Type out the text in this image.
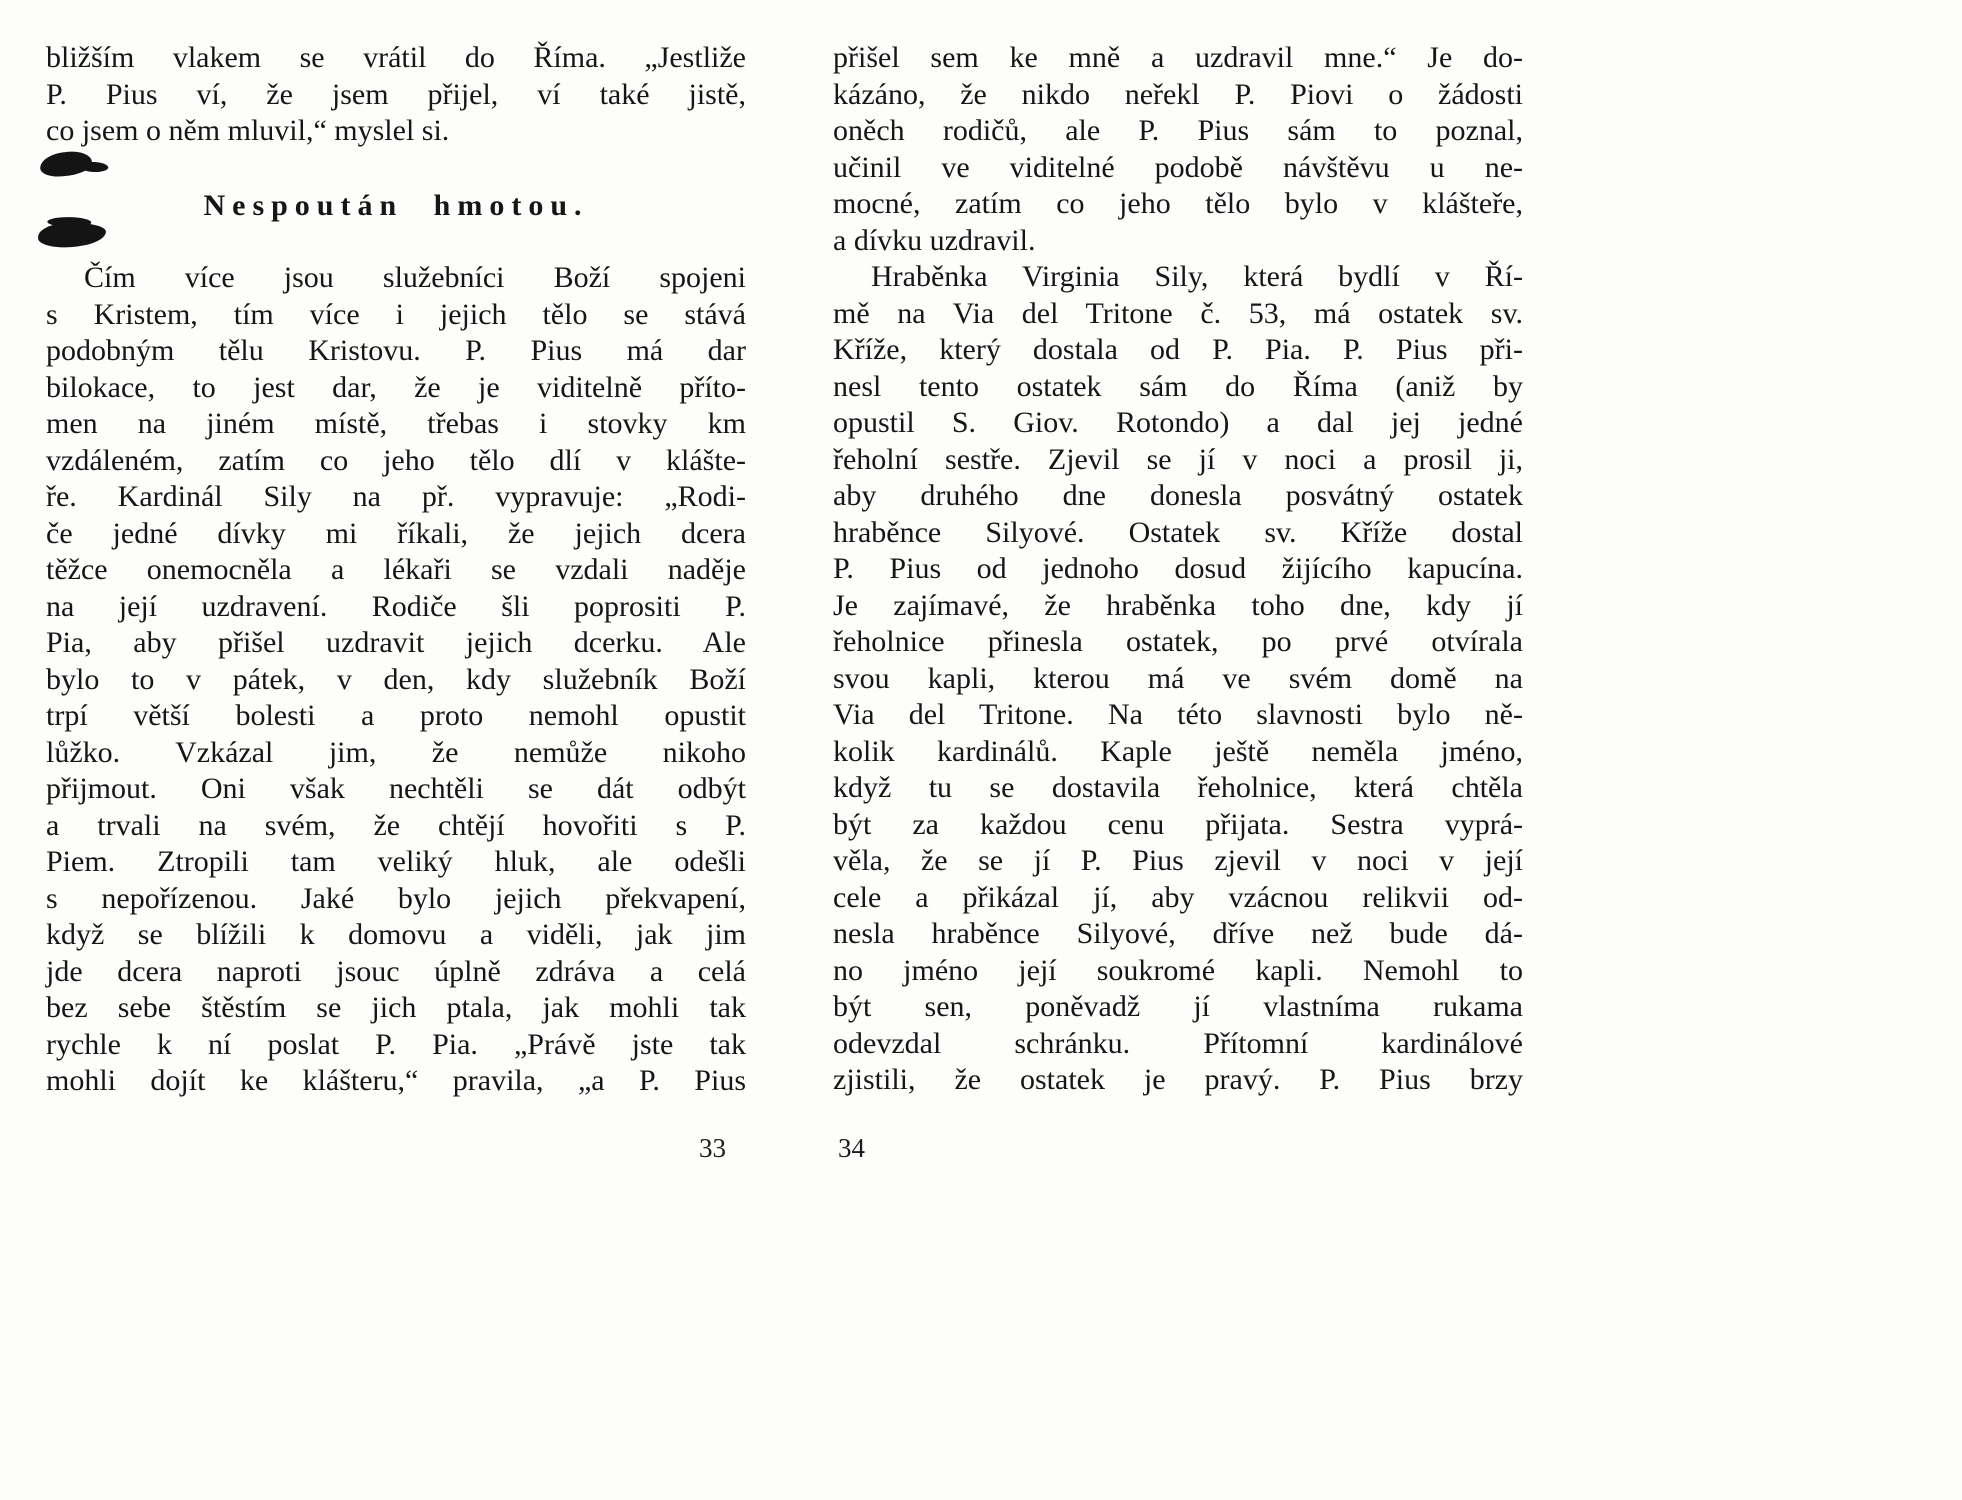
bližším vlakem se vrátil do Říma. „Jestliže
P. Pius ví, že jsem přijel, ví také jistě,
co jsem o něm mluvil,“ myslel si.
Nespoután hmotou.
Čím více jsou služebníci Boží spojeni
s Kristem, tím více i jejich tělo se stává
podobným tělu Kristovu. P. Pius má dar
bilokace, to jest dar, že je viditelně příto-
men na jiném místě, třebas i stovky km
vzdáleném, zatím co jeho tělo dlí v klášte-
ře. Kardinál Sily na př. vypravuje: „Rodi-
če jedné dívky mi říkali, že jejich dcera
těžce onemocněla a lékaři se vzdali naděje
na její uzdravení. Rodiče šli poprositi P.
Pia, aby přišel uzdravit jejich dcerku. Ale
bylo to v pátek, v den, kdy služebník Boží
trpí větší bolesti a proto nemohl opustit
lůžko. Vzkázal jim, že nemůže nikoho
přijmout. Oni však nechtěli se dát odbýt
a trvali na svém, že chtějí hovořiti s P.
Piem. Ztropili tam veliký hluk, ale odešli
s nepořízenou. Jaké bylo jejich překvapení,
když se blížili k domovu a viděli, jak jim
jde dcera naproti jsouc úplně zdráva a celá
bez sebe štěstím se jich ptala, jak mohli tak
rychle k ní poslat P. Pia. „Právě jste tak
mohli dojít ke klášteru,“ pravila, „a P. Pius
přišel sem ke mně a uzdravil mne.“ Je do-
kázáno, že nikdo neřekl P. Piovi o žádosti
oněch rodičů, ale P. Pius sám to poznal,
učinil ve viditelné podobě návštěvu u ne-
mocné, zatím co jeho tělo bylo v klášteře,
a dívku uzdravil.
Hraběnka Virginia Sily, která bydlí v Ří-
mě na Via del Tritone č. 53, má ostatek sv.
Kříže, který dostala od P. Pia. P. Pius při-
nesl tento ostatek sám do Říma (aniž by
opustil S. Giov. Rotondo) a dal jej jedné
řeholní sestře. Zjevil se jí v noci a prosil ji,
aby druhého dne donesla posvátný ostatek
hraběnce Silyové. Ostatek sv. Kříže dostal
P. Pius od jednoho dosud žijícího kapucína.
Je zajímavé, že hraběnka toho dne, kdy jí
řeholnice přinesla ostatek, po prvé otvírala
svou kapli, kterou má ve svém domě na
Via del Tritone. Na této slavnosti bylo ně-
kolik kardinálů. Kaple ještě neměla jméno,
když tu se dostavila řeholnice, která chtěla
být za každou cenu přijata. Sestra vyprá-
věla, že se jí P. Pius zjevil v noci v její
cele a přikázal jí, aby vzácnou relikvii od-
nesla hraběnce Silyové, dříve než bude dá-
no jméno její soukromé kapli. Nemohl to
být sen, poněvadž jí vlastníma rukama
odevzdal schránku. Přítomní kardinálové
zjistili, že ostatek je pravý. P. Pius brzy
33	34
